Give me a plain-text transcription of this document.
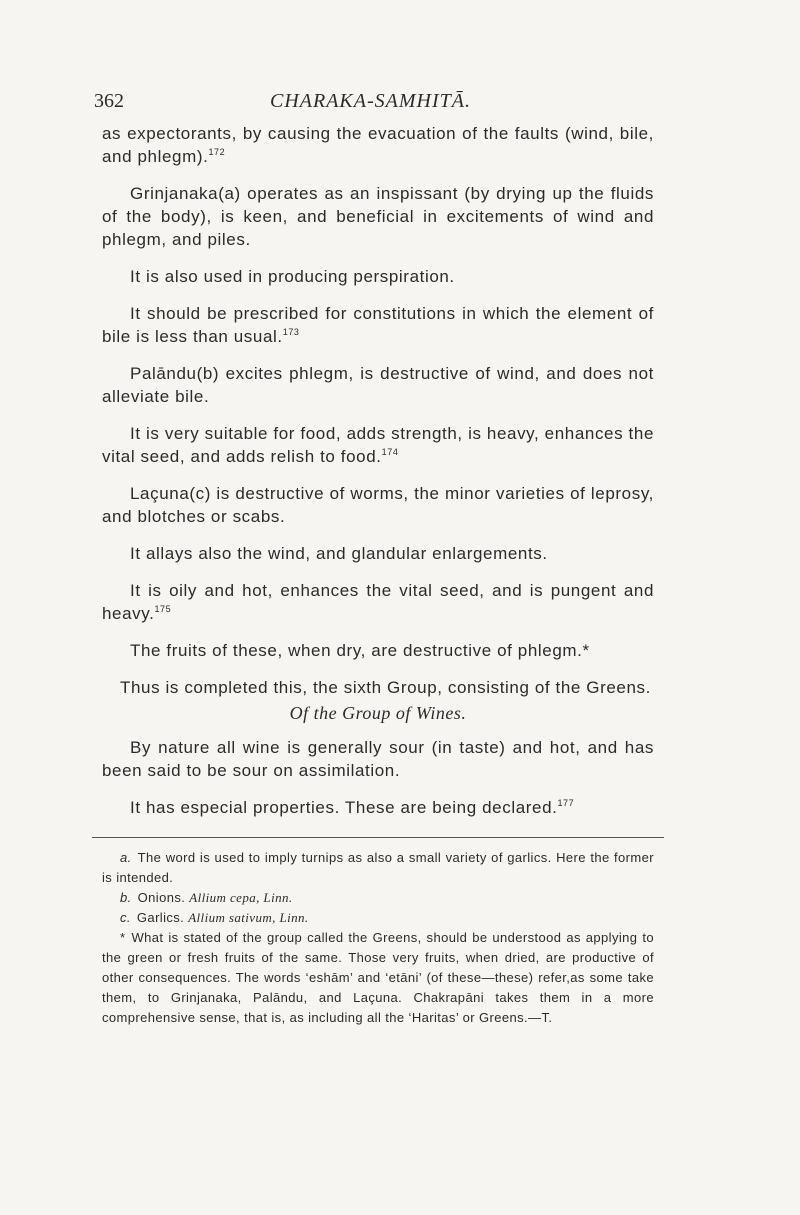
362	CHARAKA-SAMHITĀ.

as expectorants, by causing the evacuation of the faults (wind, bile, and phlegm).$^{172}$

Grinjanaka(a) operates as an inspissant (by drying up the fluids of the body), is keen, and beneficial in excitements of wind and phlegm, and piles.

It is also used in producing perspiration.

It should be prescribed for constitutions in which the element of bile is less than usual.$^{173}$

Palāndu(b) excites phlegm, is destructive of wind, and does not alleviate bile.

It is very suitable for food, adds strength, is heavy, enhances the vital seed, and adds relish to food.$^{174}$

Laçuna(c) is destructive of worms, the minor varieties of leprosy, and blotches or scabs.

It allays also the wind, and glandular enlargements.

It is oily and hot, enhances the vital seed, and is pungent and heavy.$^{175}$

The fruits of these, when dry, are destructive of phlegm.*

Thus is completed this, the sixth Group, consisting of the Greens.

Of the Group of Wines.

By nature all wine is generally sour (in taste) and hot, and has been said to be sour on assimilation.

It has especial properties. These are being declared.$^{177}$

a. The word is used to imply turnips as also a small variety of garlics. Here the former is intended.

b. Onions. Allium cepa, Linn.

c. Garlics. Allium sativum, Linn.

* What is stated of the group called the Greens, should be understood as applying to the green or fresh fruits of the same. Those very fruits, when dried, are productive of other consequences. The words ‘eshām’ and ‘etāni’ (of these—these) refer,as some take them, to Grinjanaka, Palāndu, and Laçuna. Chakrapāni takes them in a more comprehensive sense, that is, as including all the ‘Haritas’ or Greens.—T.
